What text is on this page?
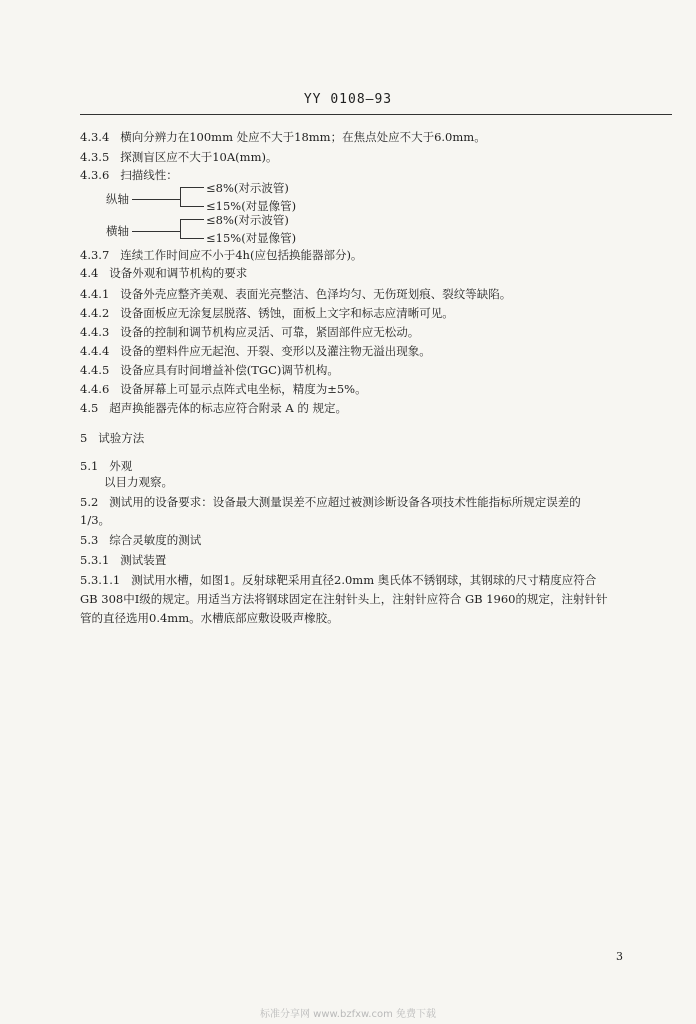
YY 0108—93
4.3.4 横向分辨力在100mm 处应不大于18mm；在焦点处应不大于6.0mm。
4.3.5 探测盲区应不大于10A(mm)。
4.3.6 扫描线性：
纵轴
≤8%(对示波管)
≤15%(对显像管)
横轴
≤8%(对示波管)
≤15%(对显像管)
4.3.7 连续工作时间应不小于4h(应包括换能器部分)。
4.4 设备外观和调节机构的要求
4.4.1 设备外壳应整齐美观、表面光亮整洁、色泽均匀、无伤斑划痕、裂纹等缺陷。
4.4.2 设备面板应无涂复层脱落、锈蚀，面板上文字和标志应清晰可见。
4.4.3 设备的控制和调节机构应灵活、可靠，紧固部件应无松动。
4.4.4 设备的塑料件应无起泡、开裂、变形以及灌注物无溢出现象。
4.4.5 设备应具有时间增益补偿(TGC)调节机构。
4.4.6 设备屏幕上可显示点阵式电坐标，精度为±5%。
4.5 超声换能器壳体的标志应符合附录 A 的 规定。
5 试验方法
5.1 外观
以目力观察。
5.2 测试用的设备要求：设备最大测量误差不应超过被测诊断设备各项技术性能指标所规定误差的
1/3。
5.3 综合灵敏度的测试
5.3.1 测试装置
5.3.1.1 测试用水槽，如图1。反射球靶采用直径2.0mm 奥氏体不锈钢球，其钢球的尺寸精度应符合
GB 308中Ⅰ级的规定。用适当方法将钢球固定在注射针头上，注射针应符合 GB 1960的规定，注射针针
管的直径选用0.4mm。水槽底部应敷设吸声橡胶。
3
标准分享网 www.bzfxw.com 免费下载
